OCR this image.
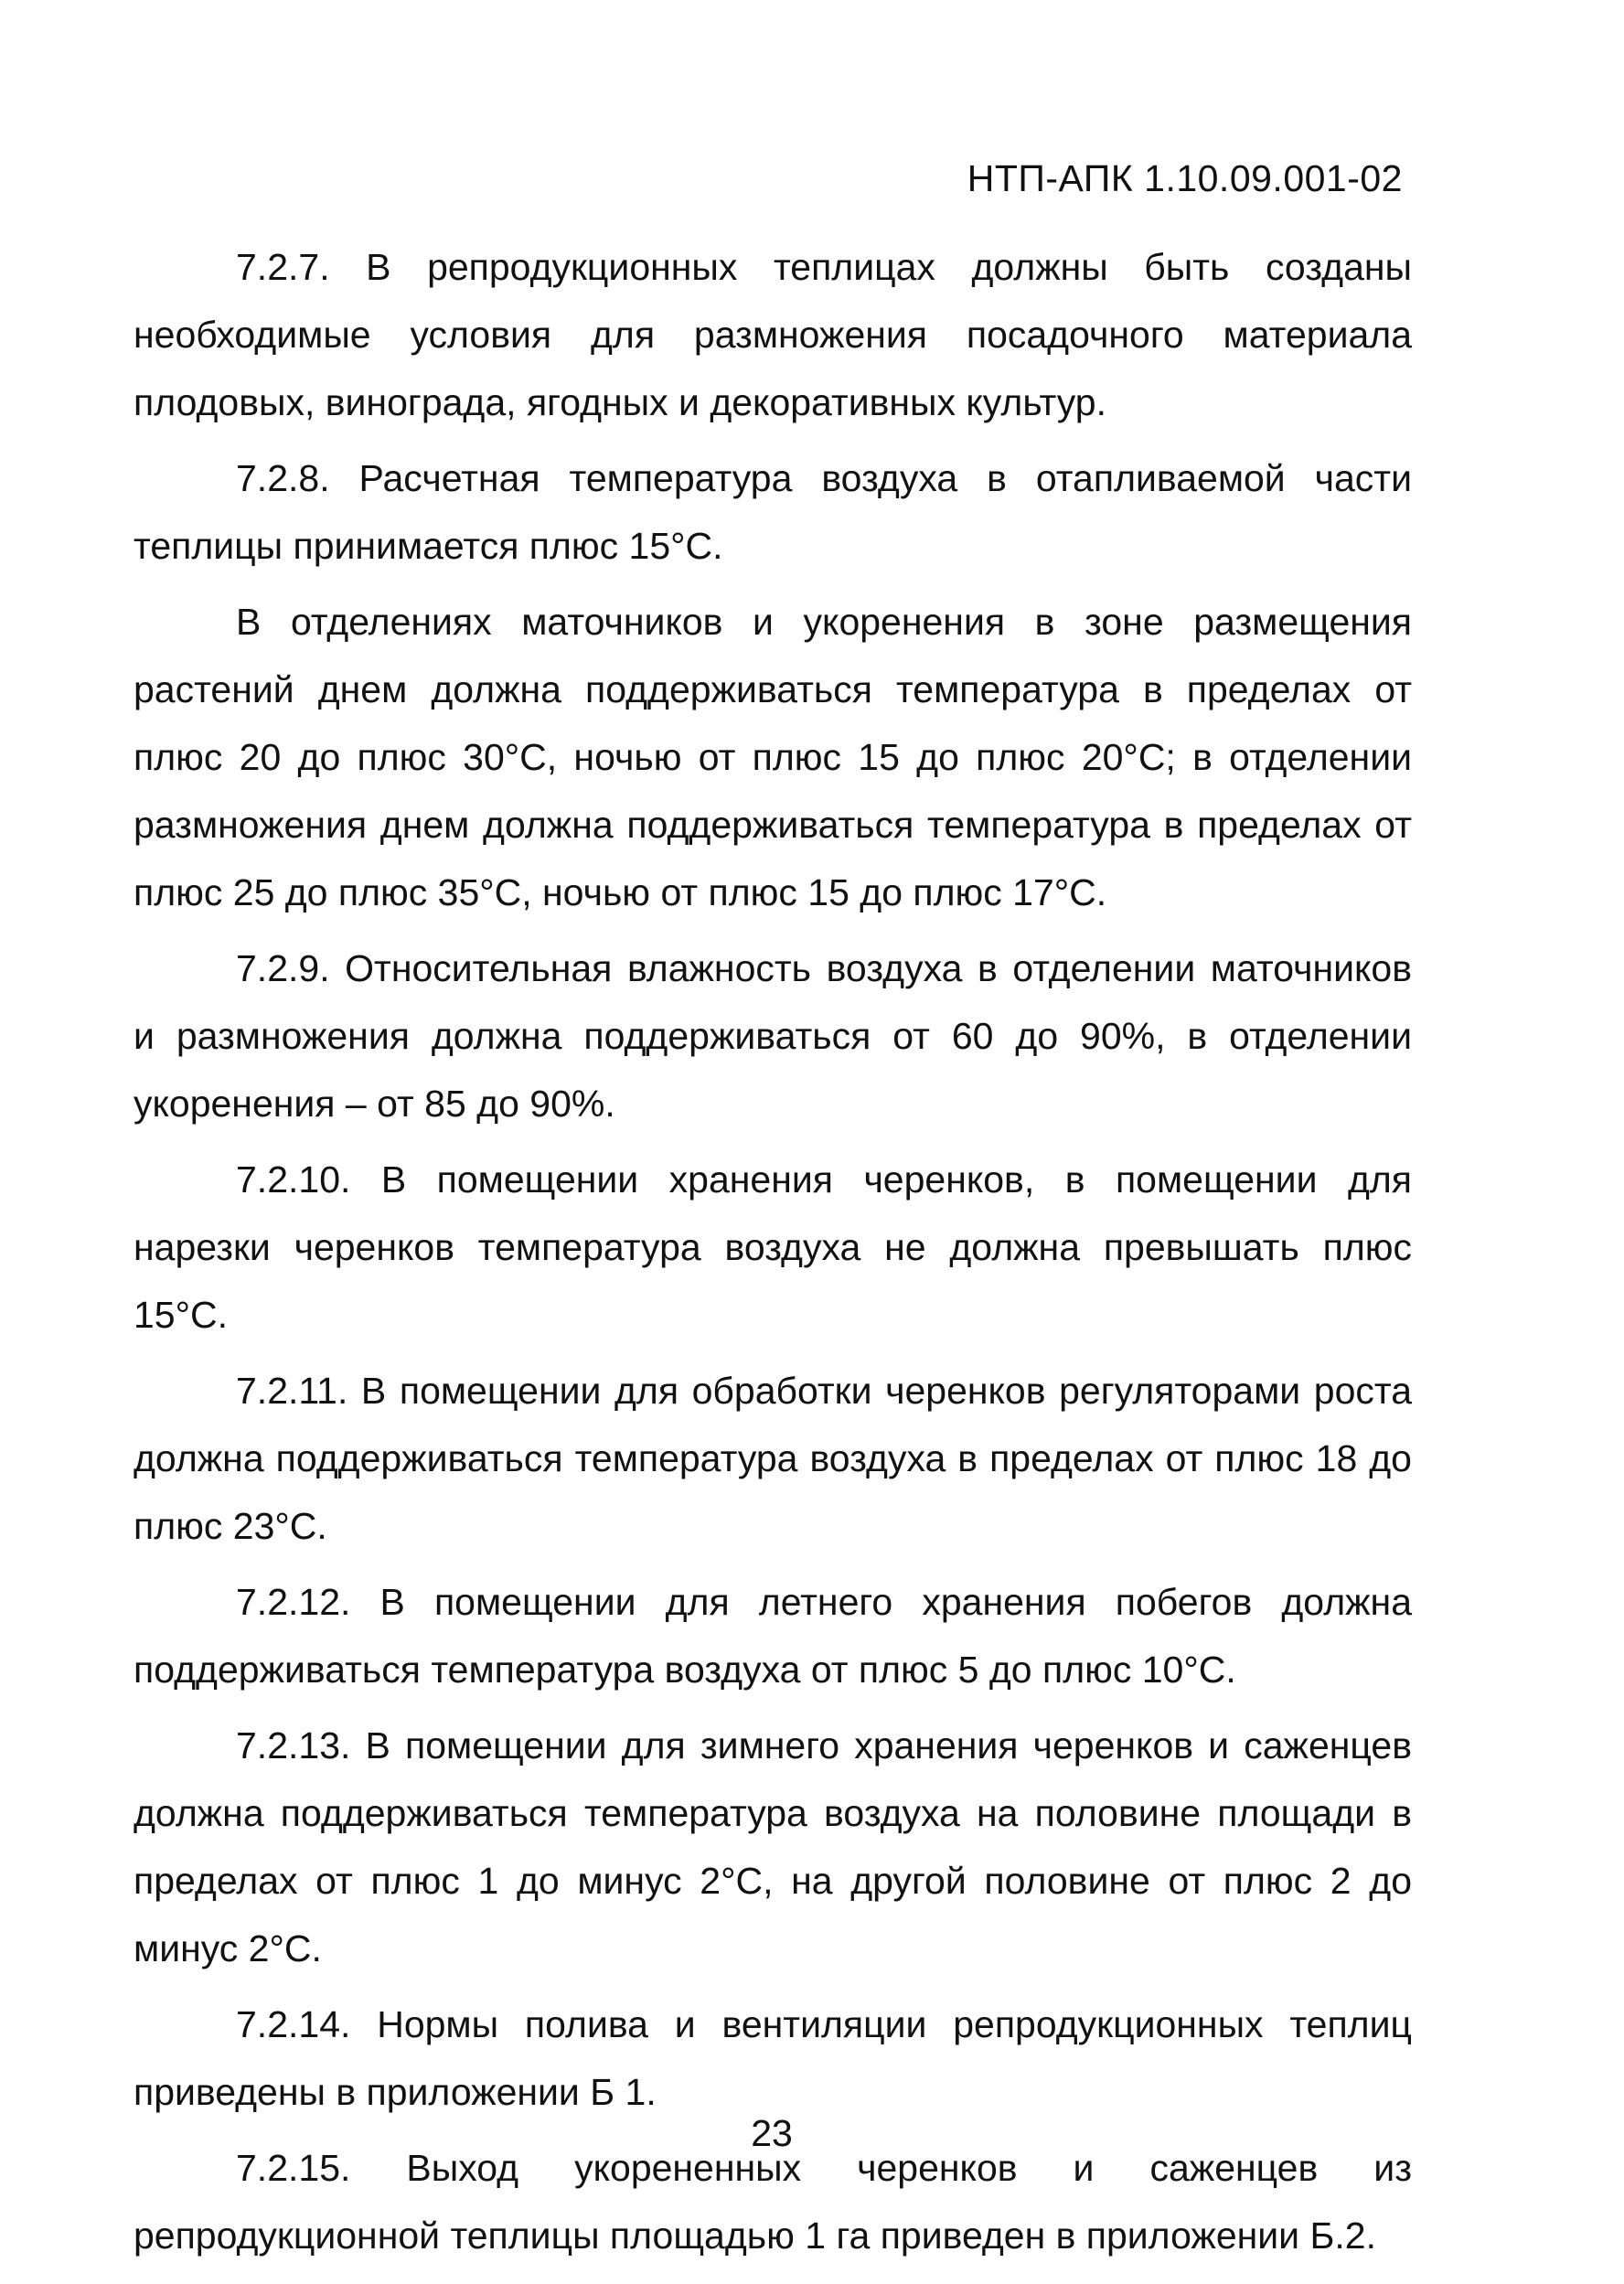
НТП-АПК 1.10.09.001-02

7.2.7. В репродукционных теплицах должны быть созданы необходимые условия для размножения посадочного материала плодовых, винограда, ягодных и декоративных культур.

7.2.8. Расчетная температура воздуха в отапливаемой части теплицы принимается плюс 15°С.

В отделениях маточников и укоренения в зоне размещения растений днем должна поддерживаться температура в пределах от плюс 20 до плюс 30°С, ночью от плюс 15 до плюс 20°С; в отделении размножения днем должна поддерживаться температура в пределах от плюс 25 до плюс 35°С, ночью от плюс 15 до плюс 17°С.

7.2.9. Относительная влажность воздуха в отделении маточников и размножения должна поддерживаться от 60 до 90%, в отделении укоренения – от 85 до 90%.

7.2.10. В помещении хранения черенков, в помещении для нарезки черенков температура воздуха не должна превышать плюс 15°С.

7.2.11. В помещении для обработки черенков регуляторами роста должна поддерживаться температура воздуха в пределах от плюс 18 до плюс 23°С.

7.2.12. В помещении для летнего хранения побегов должна поддерживаться температура воздуха от плюс 5 до плюс 10°С.

7.2.13. В помещении для зимнего хранения черенков и саженцев должна поддерживаться температура воздуха на половине площади в пределах от плюс 1 до минус 2°С, на другой половине от плюс 2 до минус 2°С.

7.2.14. Нормы полива и вентиляции репродукционных теплиц приведены в приложении Б 1.

7.2.15. Выход укорененных черенков и саженцев из репродукционной теплицы площадью 1 га приведен в приложении Б.2.

23
